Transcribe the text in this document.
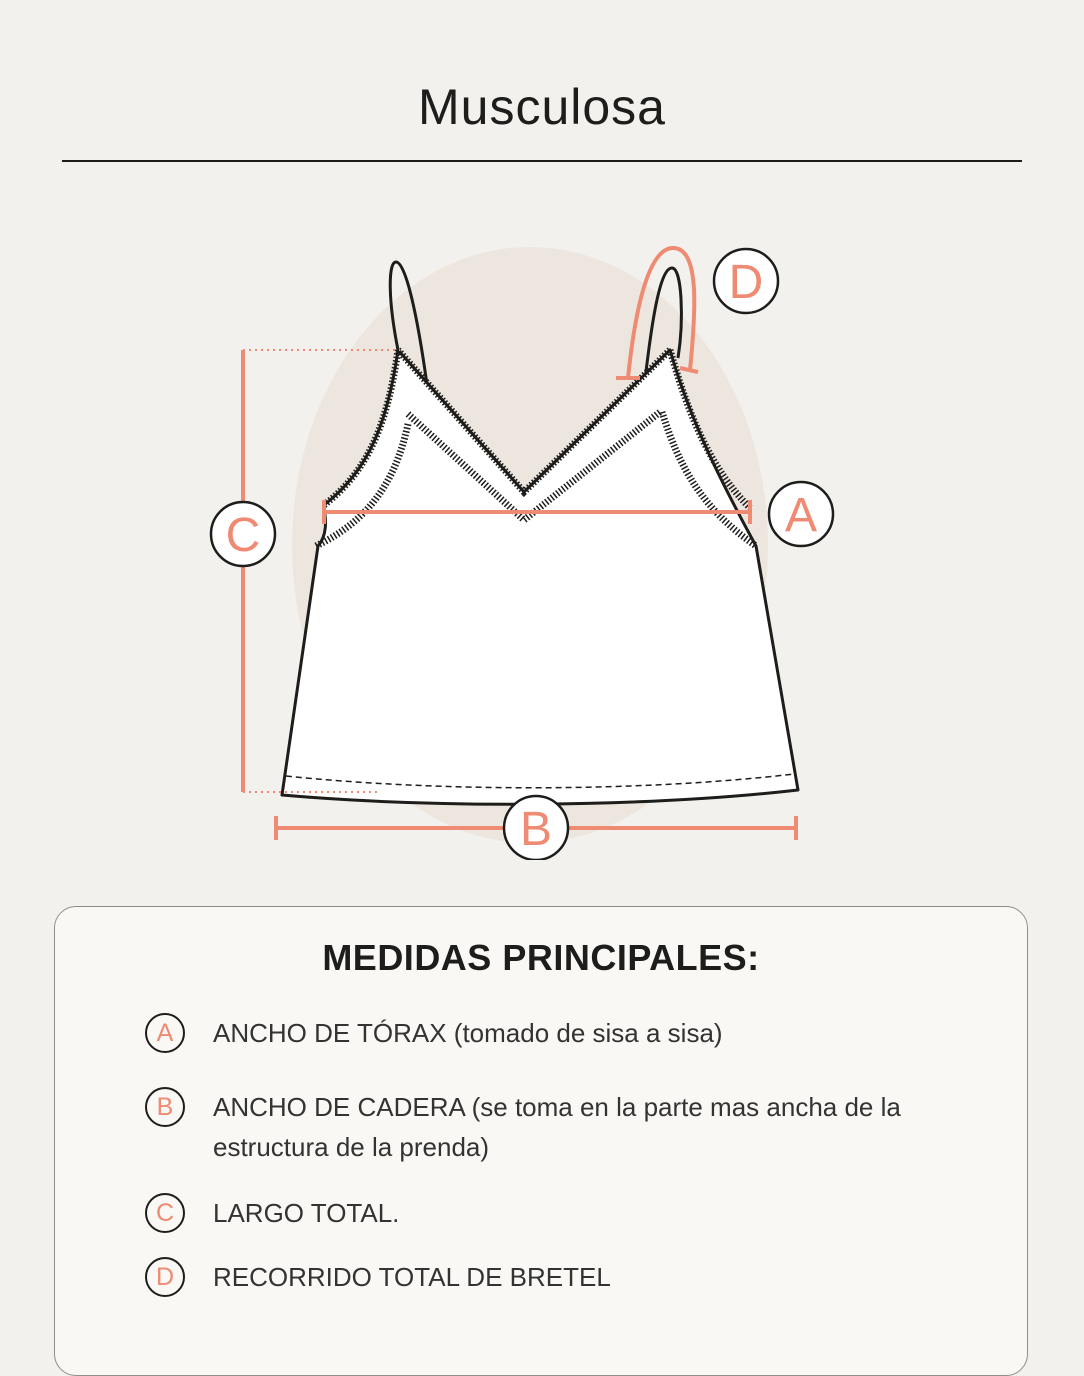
Musculosa
D
A
C
B
MEDIDAS PRINCIPALES:
A	ANCHO DE TÓRAX (tomado de sisa a sisa)
B	ANCHO DE CADERA (se toma en la parte mas ancha de la estructura de la prenda)
C	LARGO TOTAL.
D	RECORRIDO TOTAL DE BRETEL
